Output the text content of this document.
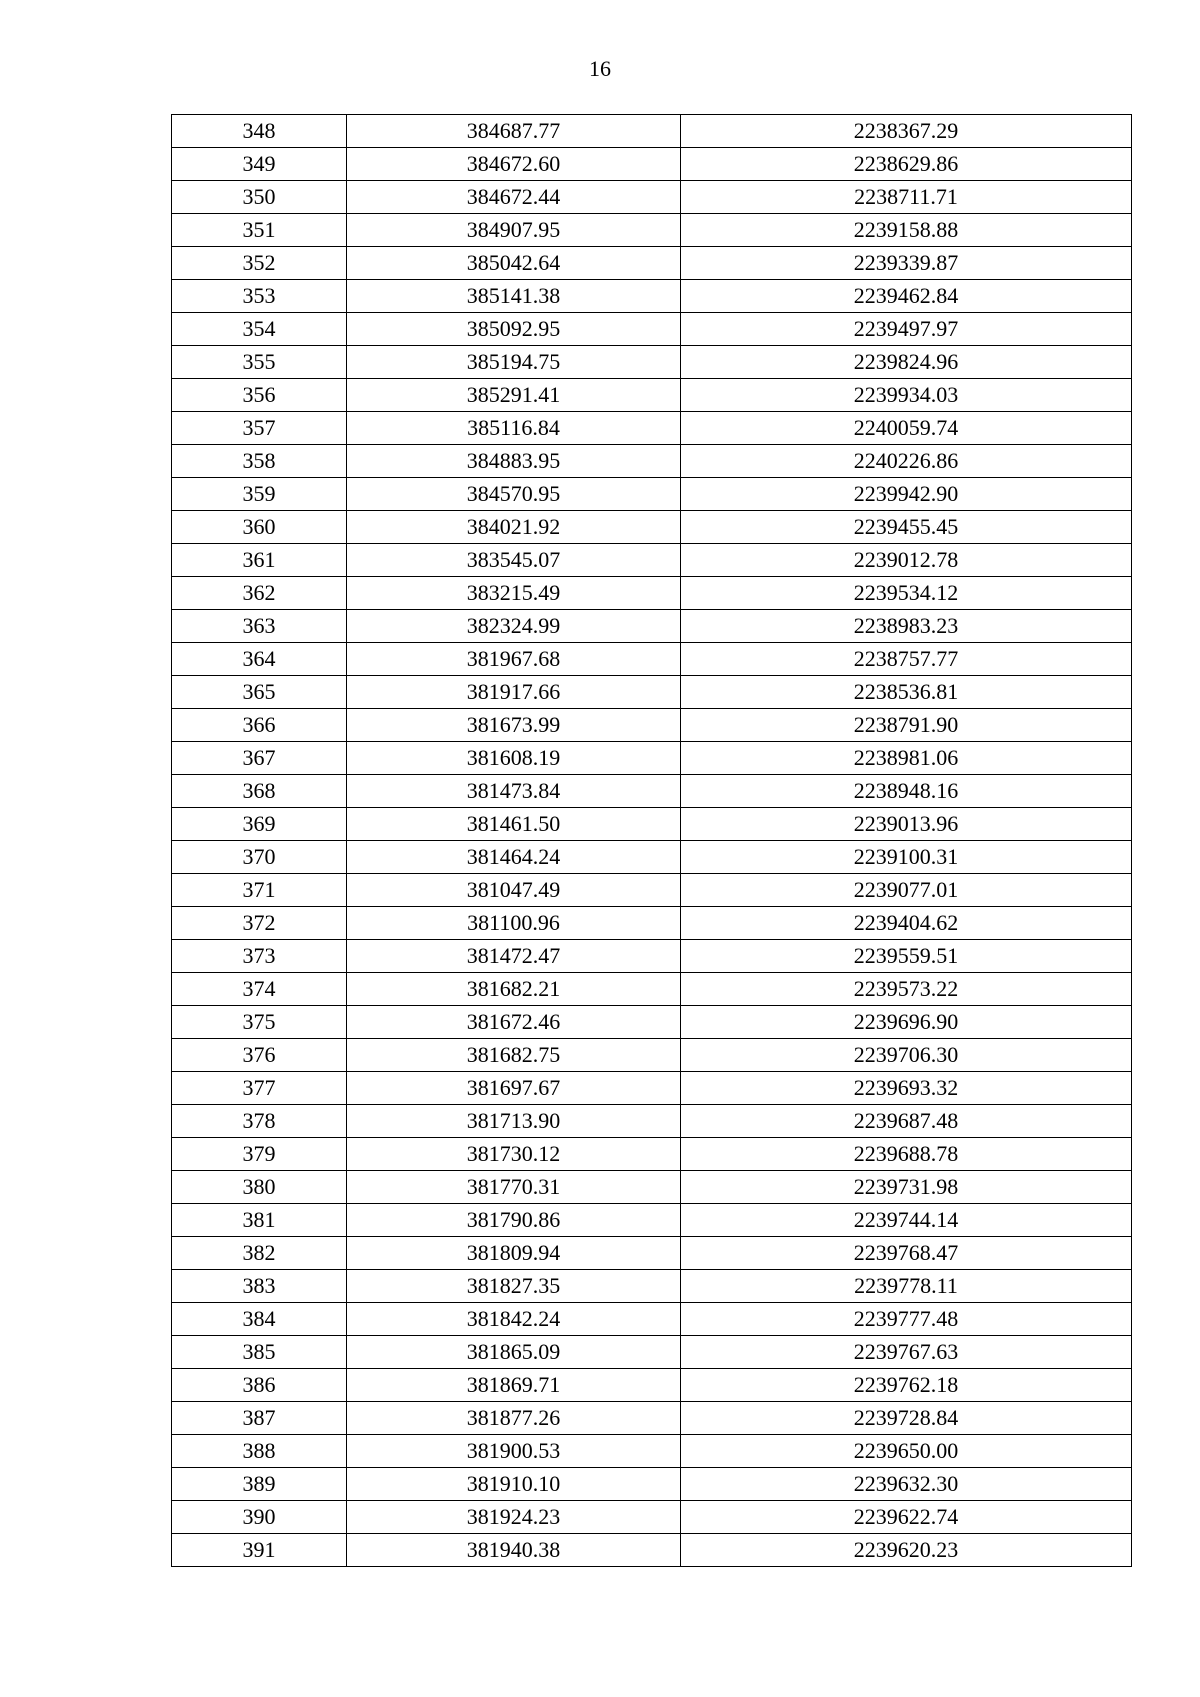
16
348	384687.77	2238367.29
349	384672.60	2238629.86
350	384672.44	2238711.71
351	384907.95	2239158.88
352	385042.64	2239339.87
353	385141.38	2239462.84
354	385092.95	2239497.97
355	385194.75	2239824.96
356	385291.41	2239934.03
357	385116.84	2240059.74
358	384883.95	2240226.86
359	384570.95	2239942.90
360	384021.92	2239455.45
361	383545.07	2239012.78
362	383215.49	2239534.12
363	382324.99	2238983.23
364	381967.68	2238757.77
365	381917.66	2238536.81
366	381673.99	2238791.90
367	381608.19	2238981.06
368	381473.84	2238948.16
369	381461.50	2239013.96
370	381464.24	2239100.31
371	381047.49	2239077.01
372	381100.96	2239404.62
373	381472.47	2239559.51
374	381682.21	2239573.22
375	381672.46	2239696.90
376	381682.75	2239706.30
377	381697.67	2239693.32
378	381713.90	2239687.48
379	381730.12	2239688.78
380	381770.31	2239731.98
381	381790.86	2239744.14
382	381809.94	2239768.47
383	381827.35	2239778.11
384	381842.24	2239777.48
385	381865.09	2239767.63
386	381869.71	2239762.18
387	381877.26	2239728.84
388	381900.53	2239650.00
389	381910.10	2239632.30
390	381924.23	2239622.74
391	381940.38	2239620.23
